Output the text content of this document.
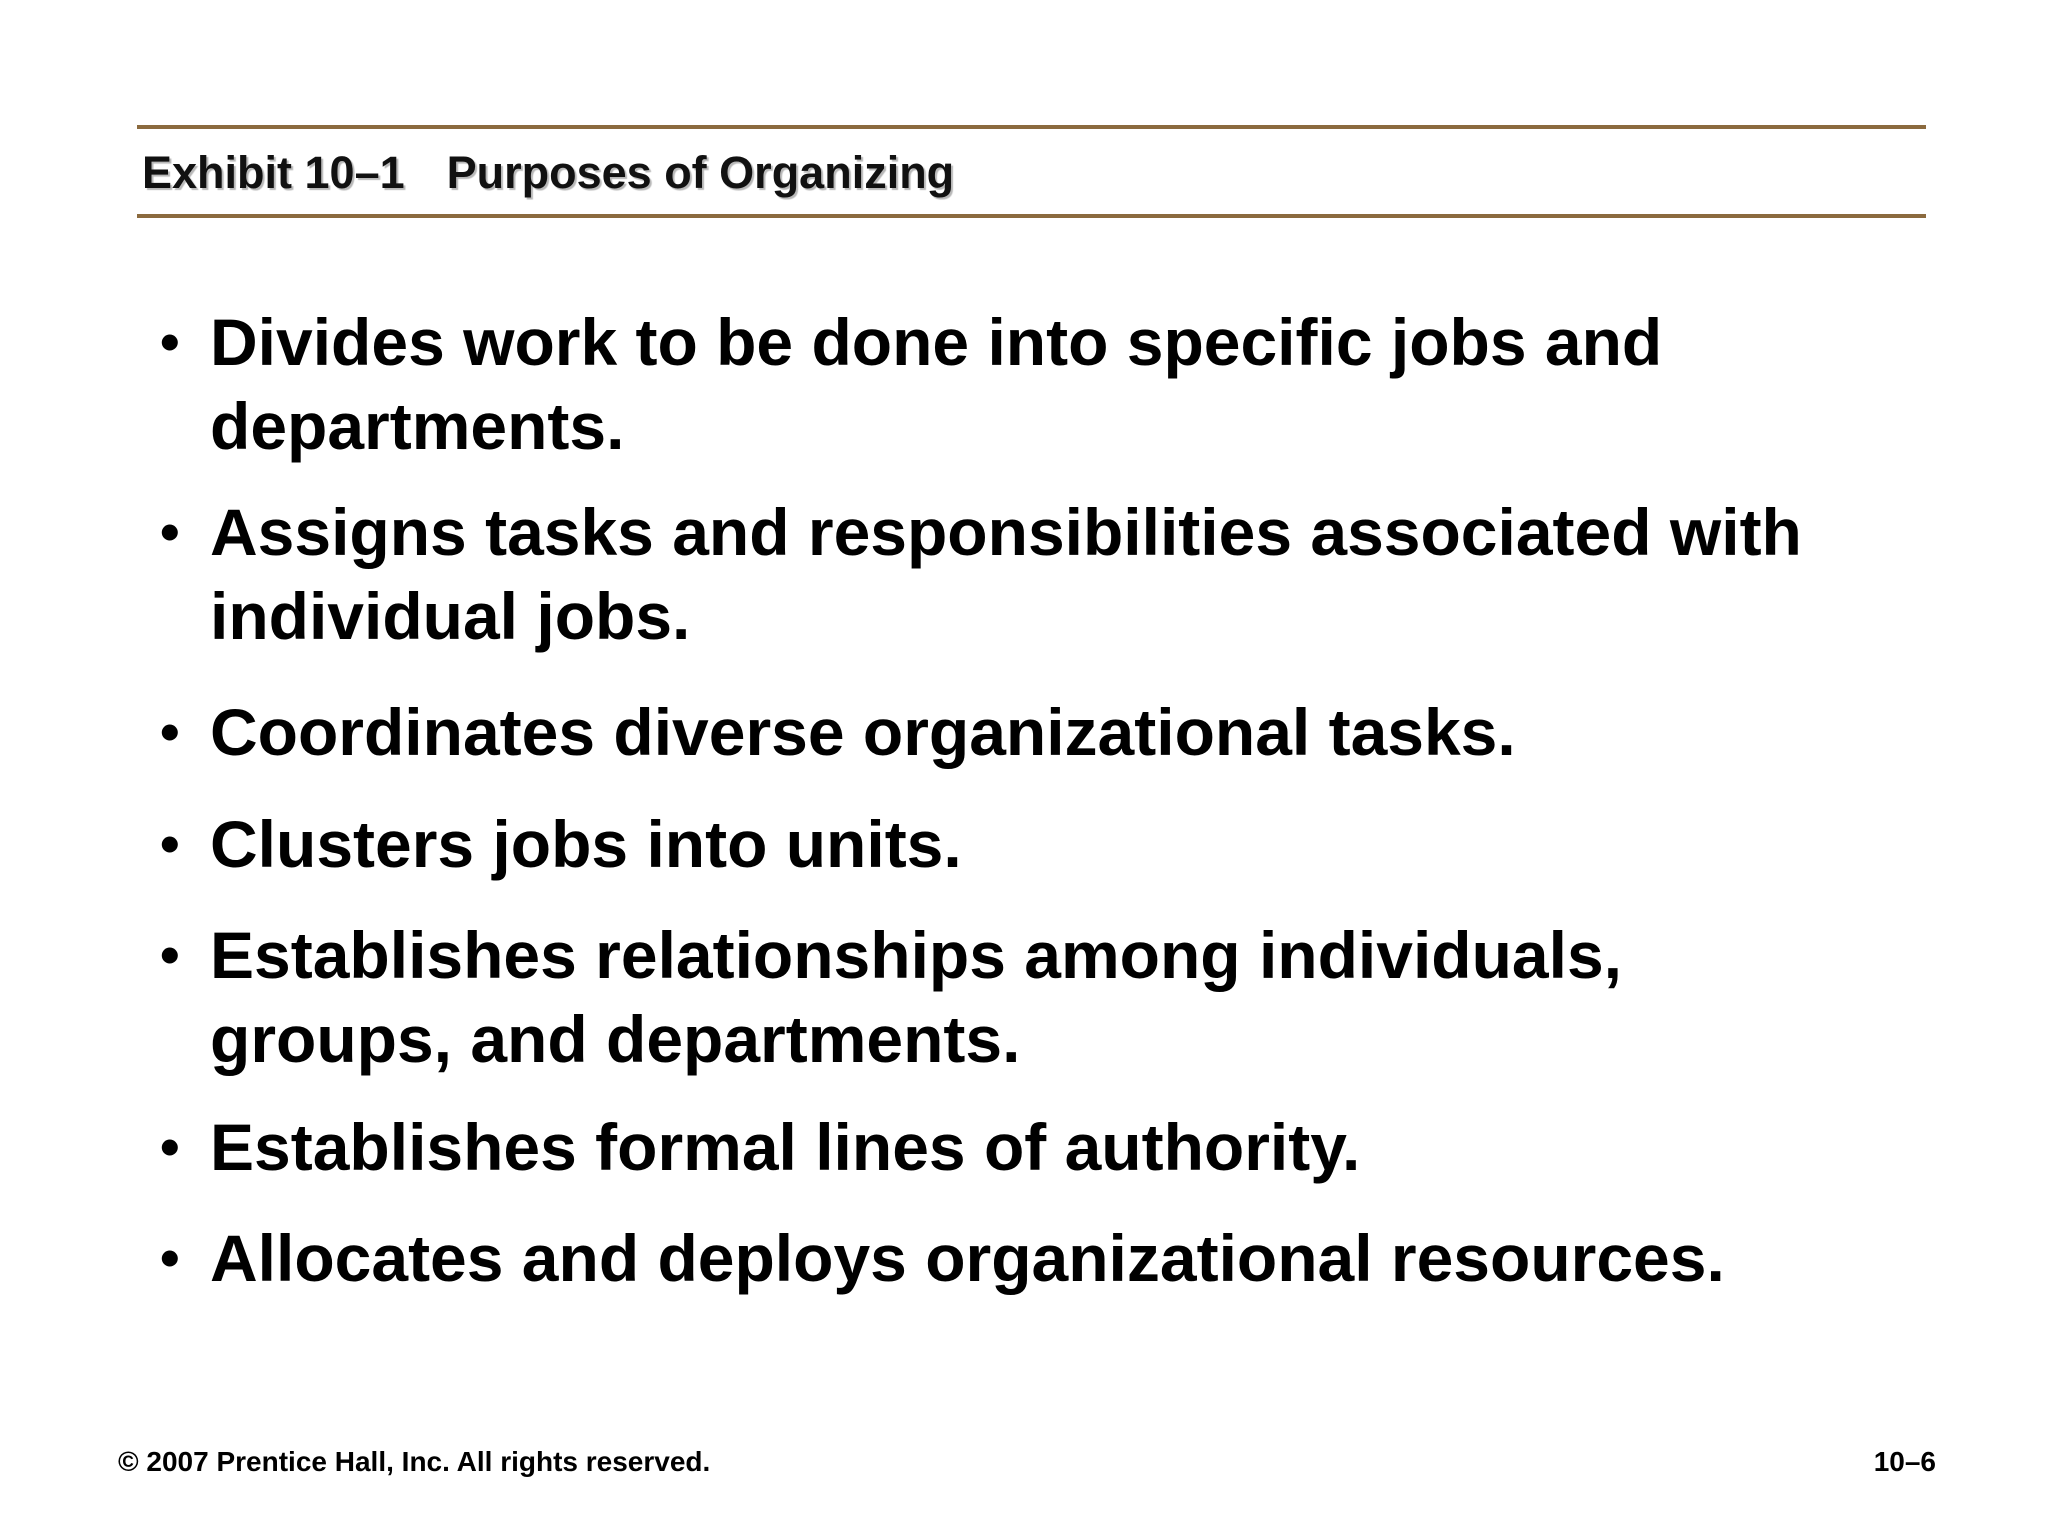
Exhibit 10–1 Purposes of Organizing
• Divides work to be done into specific jobs and departments.
• Assigns tasks and responsibilities associated with individual jobs.
• Coordinates diverse organizational tasks.
• Clusters jobs into units.
• Establishes relationships among individuals, groups, and departments.
• Establishes formal lines of authority.
• Allocates and deploys organizational resources.
© 2007 Prentice Hall, Inc. All rights reserved.	10–6
